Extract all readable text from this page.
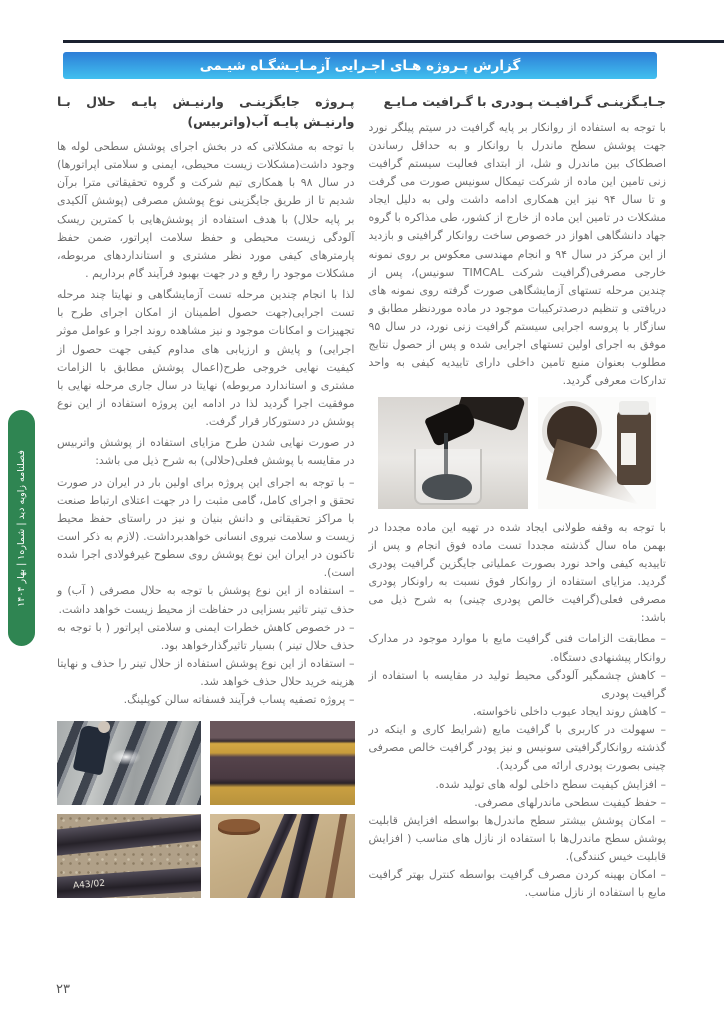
گزارش پـروژه هـای اجـرایی آزمـایـشگـاه شیـمی
جـایـگزینـی گـرافیـت پـودری با گـرافیت مـایـع

با توجه به استفاده از روانکار بر پایه گرافیت در سیتم پیلگر نورد جهت پوشش سطح ماندرل با روانکار و به حداقل رساندن اصطکاک بین ماندرل و شل، از ابتدای فعالیت سیستم گرافیت زنی تامین این ماده از شرکت تیمکال سونیس صورت می گرفت و تا سال ۹۴ نیز این همکاری ادامه داشت ولی به دلیل ایجاد مشکلات در تامین این ماده از خارج از کشور، طی مذاکره با گروه جهاد دانشگاهی اهواز در خصوص ساخت روانکار گرافیتی و بازدید از این مرکز در سال ۹۴ و انجام مهندسی معکوس بر روی نمونه خارجی مصرفی(گرافیت شرکت TIMCAL سونیس)، پس از چندین مرحله تستهای آزمایشگاهی صورت گرفته روی نمونه های دریافتی و تنظیم درصدترکیبات موجود در ماده موردنظر مطابق و سازگار با پروسه اجرایی سیستم گرافیت زنی نورد، در سال ۹۵ موفق به اجرای اولین تستهای اجرایی شده و پس از حصول نتایج مطلوب بعنوان منبع تامین داخلی دارای تاییدیه کیفی به واحد تدارکات معرفی گردید.

با توجه به وقفه طولانی ایجاد شده در تهیه این ماده مجددا در بهمن ماه سال گذشته مجددا تست ماده فوق انجام و پس از تاییدیه کیفی واحد نورد بصورت عملیاتی جایگزین گرافیت پودری گردید. مزایای استفاده از روانکار فوق نسبت به راونکار پودری مصرفی فعلی(گرافیت خالص پودری چینی) به شرح ذیل می باشد:

– مطابقت الزامات فنی گرافیت مایع با موارد موجود در مدارک روانکار پیشنهادی دستگاه.

– کاهش چشمگیر آلودگی محیط تولید در مقایسه با استفاده از گرافیت پودری

– کاهش روند ایجاد عیوب داخلی ناخواسته.

– سهولت در کاربری با گرافیت مایع (شرایط کاری و اینکه در گذشته روانکارگرافیتی سونیس و نیز پودر گرافیت خالص مصرفی چینی بصورت پودری ارائه می گردید).

– افزایش کیفیت سطح داخلی لوله های تولید شده.

– حفظ کیفیت سطحی ماندرلهای مصرفی.

– امکان پوشش بیشتر سطح ماندرل‌ها بواسطه افزایش قابلیت پوشش سطح ماندرل‌ها با استفاده از نازل های مناسب ( افزایش قابلیت خیس کنندگی).

– امکان بهینه کردن مصرف گرافیت بواسطه کنترل بهتر گرافیت مایع با استفاده از نازل مناسب.

پـروژه جایگزینـی وارنیـش پایـه حلال بـا وارنیـش پایـه آب(واتربیس)

با توجه به مشکلاتی که در بخش اجرای پوشش سطحی لوله ها وجود داشت(مشکلات زیست محیطی، ایمنی و سلامتی اپراتورها) در سال ۹۸ با همکاری تیم شرکت و گروه تحقیقاتی مترا برآن شدیم تا از طریق جایگزینی نوع پوشش مصرفی (پوشش آلکیدی بر پایه حلال) با هدف استفاده از پوشش‌هایی با کمترین ریسک آلودگی زیست محیطی و حفظ سلامت اپراتور، ضمن حفظ پارمترهای کیفی مورد نظر مشتری و استانداردهای مربوطه، مشکلات موجود را رفع و در جهت بهبود فرآیند گام برداریم .

لذا با انجام چندین مرحله تست آزمایشگاهی و نهایتا چند مرحله تست اجرایی(جهت حصول اطمینان از امکان اجرای طرح با تجهیزات و امکانات موجود و نیز مشاهده روند اجرا و عوامل موثر اجرایی) و پایش و ارزیابی های مداوم کیفی جهت حصول از کیفیت نهایی خروجی طرح(اعمال پوشش مطابق با الزامات مشتری و استاندارد مربوطه) نهایتا در سال جاری مرحله نهایی با موفقیت اجرا گردید لذا در ادامه این پروژه استفاده از این نوع پوشش در دستورکار قرار گرفت.

در صورت نهایی شدن طرح مزایای استفاده از پوشش واتربیس در مقایسه با پوشش فعلی(حلالی) به شرح ذیل می باشد:

– با توجه به اجرای این پروژه برای اولین بار در ایران در صورت تحقق و اجرای کامل، گامی مثبت را در جهت اعتلای ارتباط صنعت با مراکز تحقیقاتی و دانش بنیان و نیز در راستای حفظ محیط زیست و سلامت نیروی انسانی خواهدبرداشت. (لازم به ذکر است تاکنون در ایران این نوع پوشش روی سطوح غیرفولادی اجرا شده است).

– استفاده از این نوع پوشش با توجه به حلال مصرفی ( آب) و حذف تینر تاثیر بسزایی در حفاظت از محیط زیست خواهد داشت.

– در خصوص کاهش خطرات ایمنی و سلامتی اپراتور ( با توجه به حذف حلال تینر ) بسیار تاثیرگذارخواهد بود.

– استفاده از این نوع پوشش استفاده از حلال تینر را حذف و نهایتا هزینه خرید حلال حذف خواهد شد.

– پروژه تصفیه پساب فرآیند فسفاته سالن کوپلینگ.

A43/02
فصلنامه زاویه دید | شماره۱ | بهار ۱۴۰۴
۲۳
